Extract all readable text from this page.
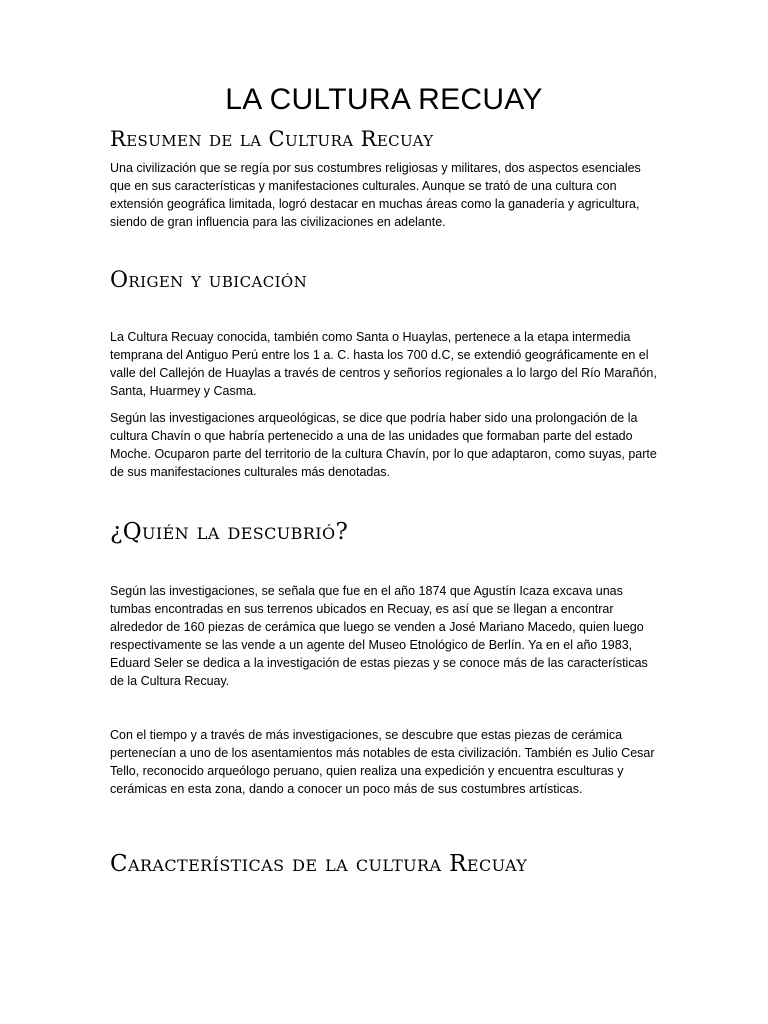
LA CULTURA RECUAY
Resumen de la Cultura Recuay

Una civilización que se regía por sus costumbres religiosas y militares, dos aspectos esenciales que en sus características y manifestaciones culturales. Aunque se trató de una cultura con extensión geográfica limitada, logró destacar en muchas áreas como la ganadería y agricultura, siendo de gran influencia para las civilizaciones en adelante.

Origen y ubicación

La Cultura Recuay conocida, también como Santa o Huaylas, pertenece a la etapa intermedia temprana del Antiguo Perú entre los 1 a. C. hasta los 700 d.C, se extendió geográficamente en el valle del Callejón de Huaylas a través de centros y señoríos regionales a lo largo del Río Marañón, Santa, Huarmey y Casma.

Según las investigaciones arqueológicas, se dice que podría haber sido una prolongación de la cultura Chavín o que habría pertenecido a una de las unidades que formaban parte del estado Moche. Ocuparon parte del territorio de la cultura Chavín, por lo que adaptaron, como suyas, parte de sus manifestaciones culturales más denotadas.

¿Quién la descubrió?

Según las investigaciones, se señala que fue en el año 1874 que Agustín Icaza excava unas tumbas encontradas en sus terrenos ubicados en Recuay, es así que se llegan a encontrar alrededor de 160 piezas de cerámica que luego se venden a José Mariano Macedo, quien luego respectivamente se las vende a un agente del Museo Etnológico de Berlín. Ya en el año 1983, Eduard Seler se dedica a la investigación de estas piezas y se conoce más de las características de la Cultura Recuay.

Con el tiempo y a través de más investigaciones, se descubre que estas piezas de cerámica pertenecían a uno de los asentamientos más notables de esta civilización. También es Julio Cesar Tello, reconocido arqueólogo peruano, quien realiza una expedición y encuentra esculturas y cerámicas en esta zona, dando a conocer un poco más de sus costumbres artísticas.

Características de la cultura Recuay
